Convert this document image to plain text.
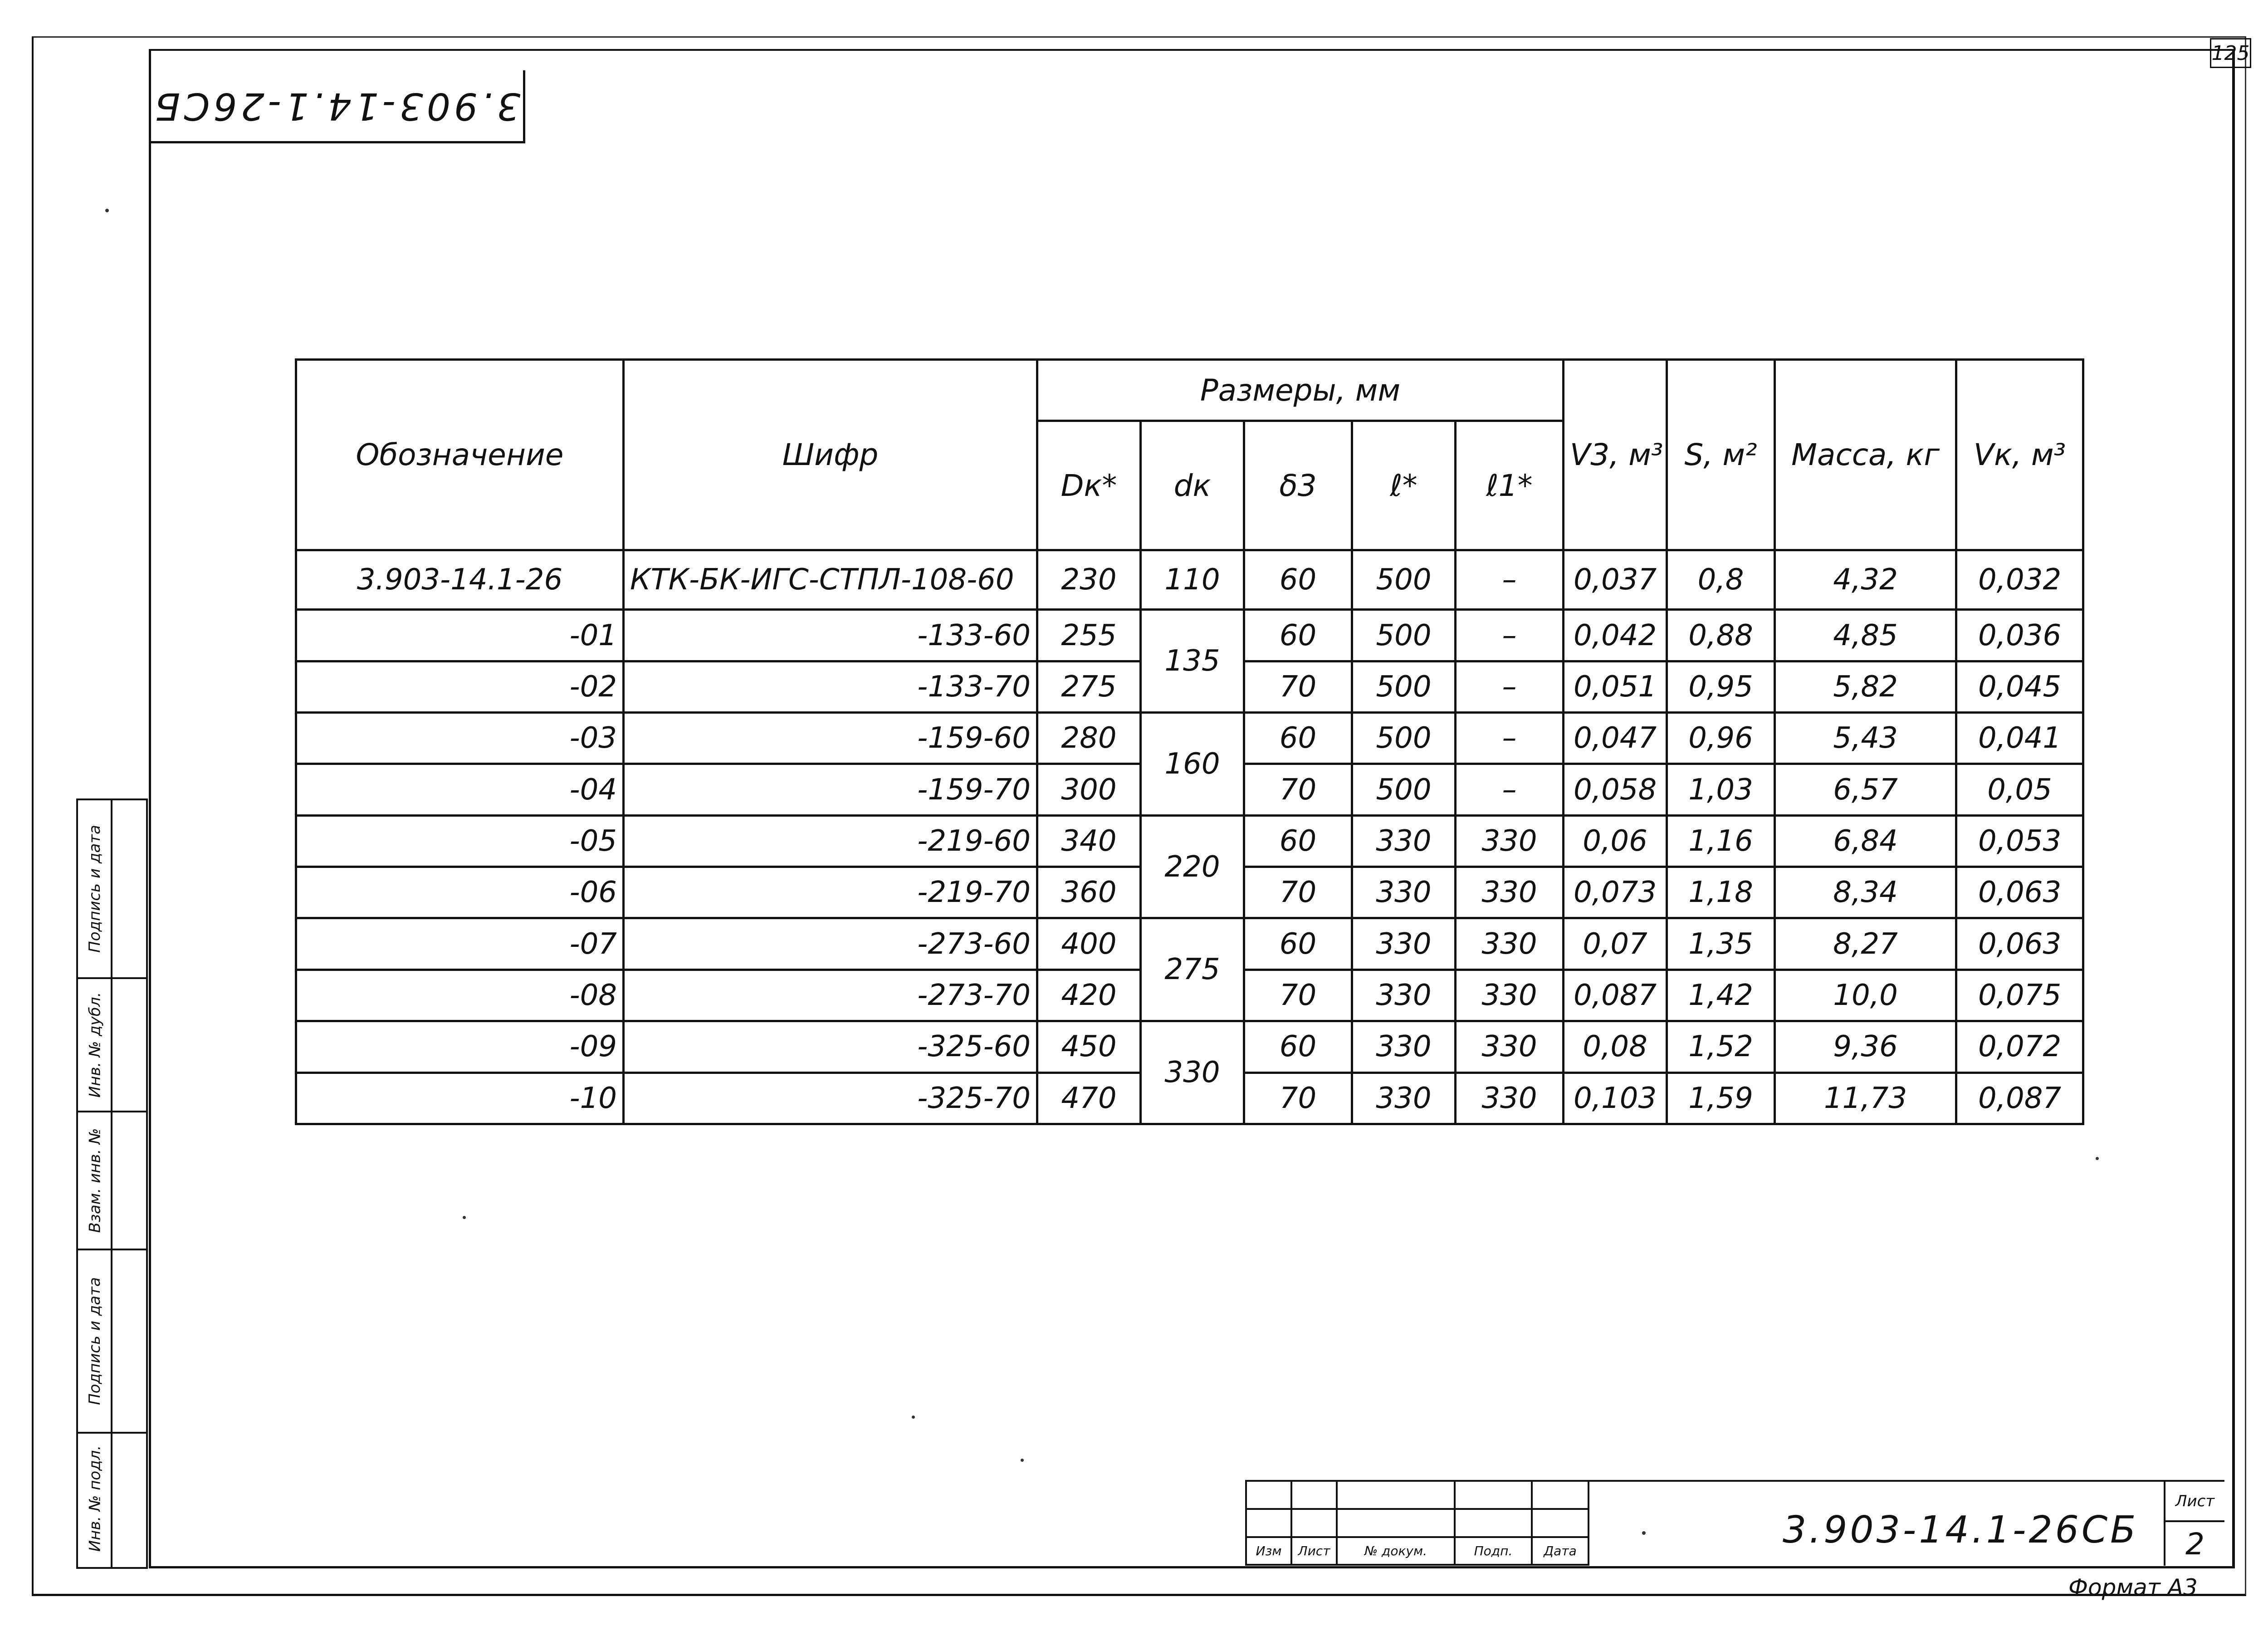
125
3.903-14.1-26СБ
Обозначение	Шифр	Размеры, мм					V3, м³	S, м²	Масса, кг	Vк, м³
		Dк*	dк	δ3	ℓ*	ℓ1*				
3.903-14.1-26	КТК-БК-ИГС-СТПЛ-108-60	230	110	60	500	–	0,037	0,8	4,32	0,032
-01	-133-60	255	135	60	500	–	0,042	0,88	4,85	0,036
-02	-133-70	275		70	500	–	0,051	0,95	5,82	0,045
-03	-159-60	280	160	60	500	–	0,047	0,96	5,43	0,041
-04	-159-70	300		70	500	–	0,058	1,03	6,57	0,05
-05	-219-60	340	220	60	330	330	0,06	1,16	6,84	0,053
-06	-219-70	360		70	330	330	0,073	1,18	8,34	0,063
-07	-273-60	400	275	60	330	330	0,07	1,35	8,27	0,063
-08	-273-70	420		70	330	330	0,087	1,42	10,0	0,075
-09	-325-60	450	330	60	330	330	0,08	1,52	9,36	0,072
-10	-325-70	470		70	330	330	0,103	1,59	11,73	0,087
Подпись и дата
Инв. № дубл.
Взам. инв. №
Подпись и дата
Инв. № подл.

					Изм	Лист	№ докум.	Подп.	Дата	3.903-14.1-26СБ
Лист
2
Формат А3
